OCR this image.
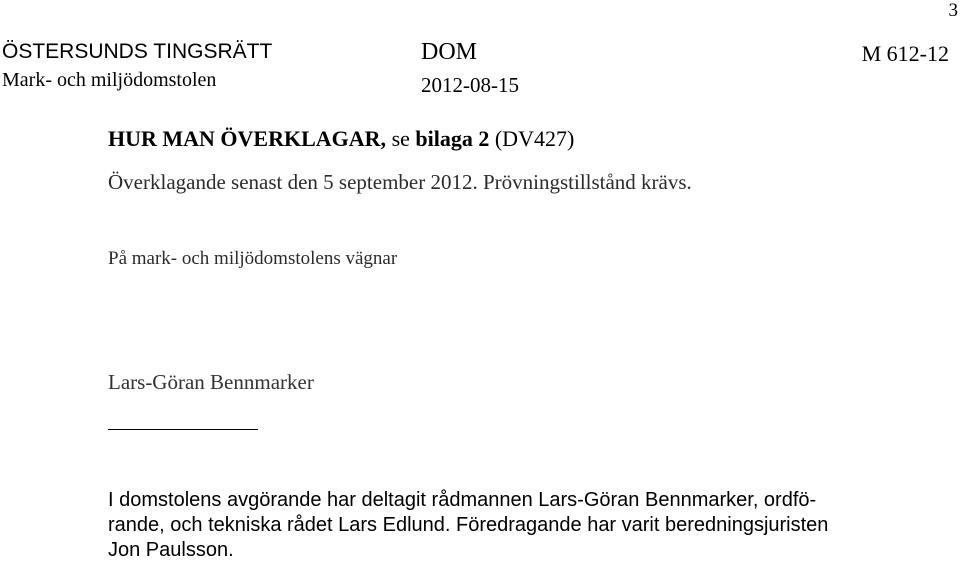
3
ÖSTERSUNDS TINGSRÄTT
Mark- och miljödomstolen
DOM
2012-08-15
M 612-12
HUR MAN ÖVERKLAGAR, se bilaga 2 (DV427)
Överklagande senast den 5 september 2012. Prövningstillstånd krävs.
På mark- och miljödomstolens vägnar
Lars-Göran Bennmarker
I domstolens avgörande har deltagit rådmannen Lars-Göran Bennmarker, ordfö-
rande, och tekniska rådet Lars Edlund. Föredragande har varit beredningsjuristen
Jon Paulsson.
